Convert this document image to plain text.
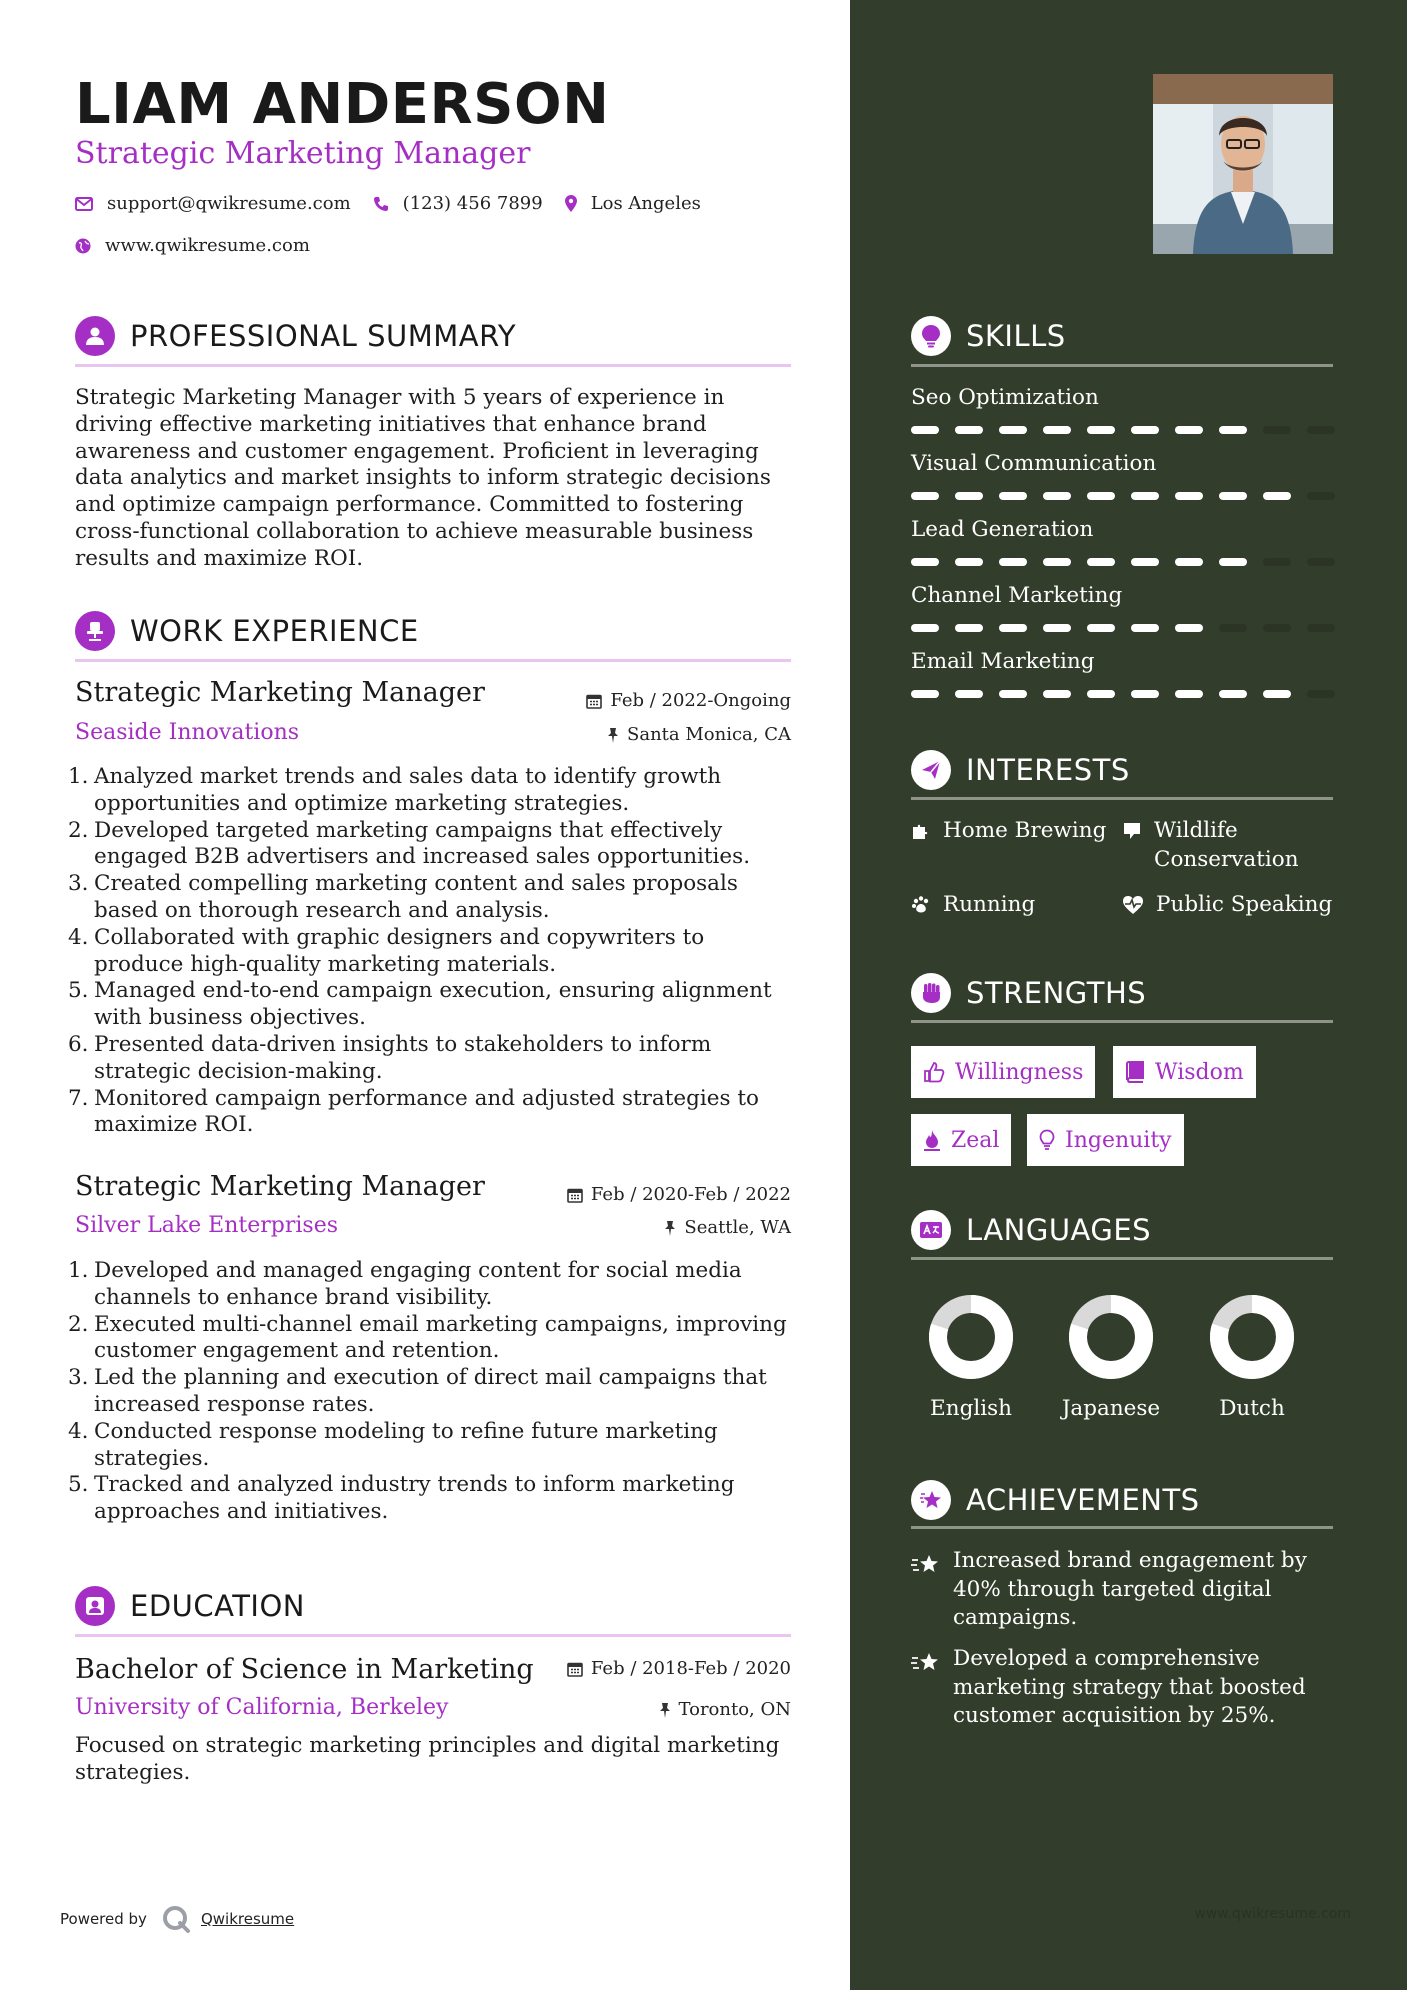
LIAM ANDERSON
Strategic Marketing Manager
support@qwikresume.com	(123) 456 7899	Los Angeles
www.qwikresume.com
PROFESSIONAL SUMMARY
Strategic Marketing Manager with 5 years of experience in driving effective marketing initiatives that enhance brand awareness and customer engagement. Proficient in leveraging data analytics and market insights to inform strategic decisions and optimize campaign performance. Committed to fostering cross-functional collaboration to achieve measurable business results and maximize ROI.
WORK EXPERIENCE
Strategic Marketing Manager	Feb / 2022-Ongoing
Seaside Innovations	Santa Monica, CA
1. Analyzed market trends and sales data to identify growth opportunities and optimize marketing strategies.
2. Developed targeted marketing campaigns that effectively engaged B2B advertisers and increased sales opportunities.
3. Created compelling marketing content and sales proposals based on thorough research and analysis.
4. Collaborated with graphic designers and copywriters to produce high-quality marketing materials.
5. Managed end-to-end campaign execution, ensuring alignment with business objectives.
6. Presented data-driven insights to stakeholders to inform strategic decision-making.
7. Monitored campaign performance and adjusted strategies to maximize ROI.
Strategic Marketing Manager	Feb / 2020-Feb / 2022
Silver Lake Enterprises	Seattle, WA
1. Developed and managed engaging content for social media channels to enhance brand visibility.
2. Executed multi-channel email marketing campaigns, improving customer engagement and retention.
3. Led the planning and execution of direct mail campaigns that increased response rates.
4. Conducted response modeling to refine future marketing strategies.
5. Tracked and analyzed industry trends to inform marketing approaches and initiatives.
EDUCATION
Bachelor of Science in Marketing	Feb / 2018-Feb / 2020
University of California, Berkeley	Toronto, ON
Focused on strategic marketing principles and digital marketing strategies.
Powered by	Qwikresume
SKILLS
Seo Optimization
Visual Communication
Lead Generation
Channel Marketing
Email Marketing
INTERESTS
Home Brewing Wildlife Conservation
Running	Public Speaking
STRENGTHS
Willingness	Wisdom
Zeal	Ingenuity
LANGUAGES
English	Japanese	Dutch
ACHIEVEMENTS
Increased brand engagement by 40% through targeted digital campaigns.
Developed a comprehensive marketing strategy that boosted customer acquisition by 25%.
www.qwikresume.com
